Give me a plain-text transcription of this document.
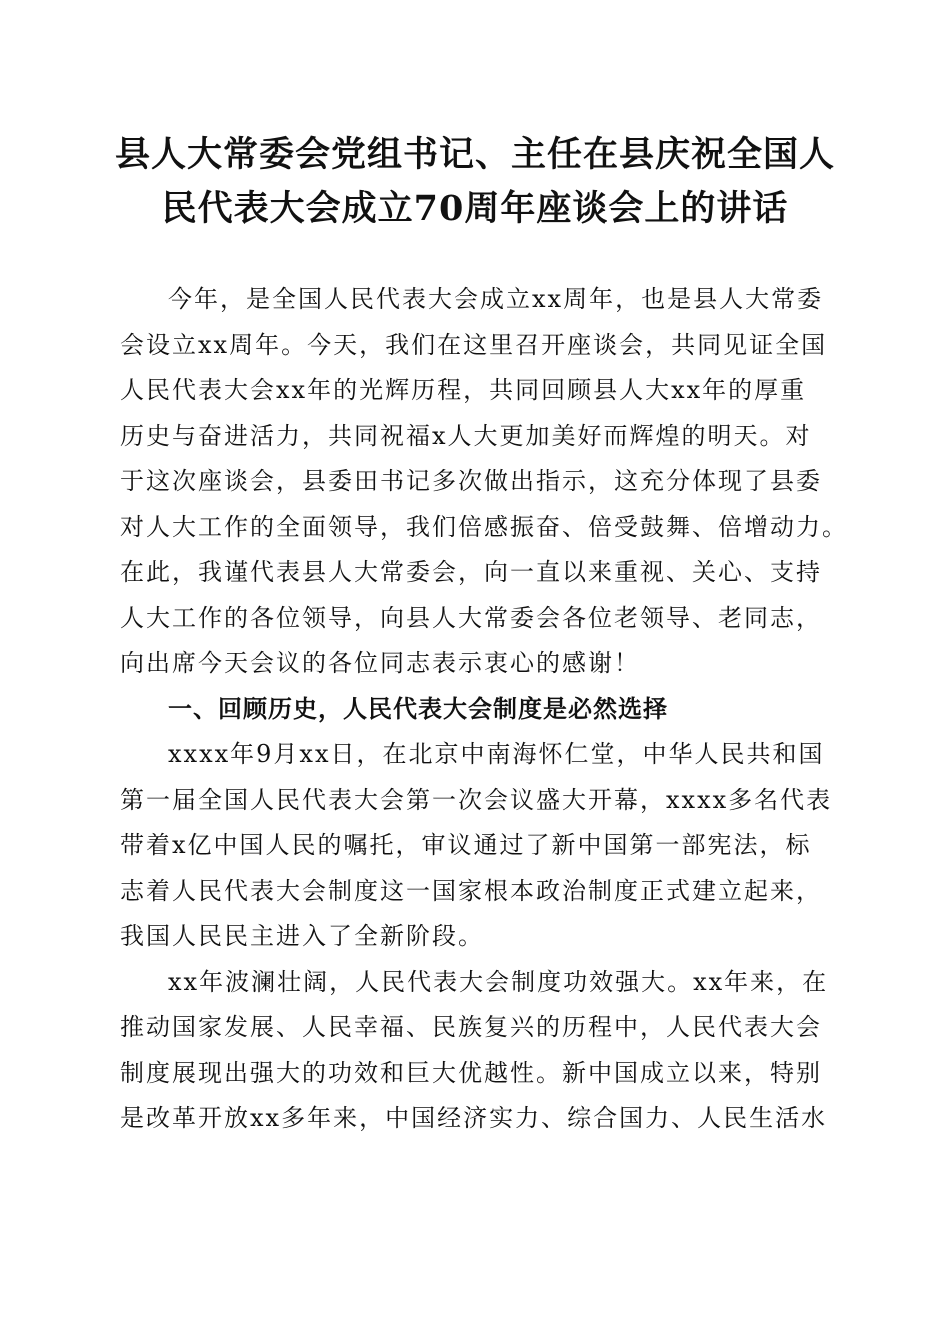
县人大常委会党组书记、主任在县庆祝全国人
民代表大会成立70周年座谈会上的讲话
今年，是全国人民代表大会成立xx周年，也是县人大常委
会设立xx周年。今天，我们在这里召开座谈会，共同见证全国
人民代表大会xx年的光辉历程，共同回顾县人大xx年的厚重
历史与奋进活力，共同祝福x人大更加美好而辉煌的明天。对
于这次座谈会，县委田书记多次做出指示，这充分体现了县委
对人大工作的全面领导，我们倍感振奋、倍受鼓舞、倍增动力。
在此，我谨代表县人大常委会，向一直以来重视、关心、支持
人大工作的各位领导，向县人大常委会各位老领导、老同志，
向出席今天会议的各位同志表示衷心的感谢！
一、回顾历史，人民代表大会制度是必然选择
xxxx年9月xx日，在北京中南海怀仁堂，中华人民共和国
第一届全国人民代表大会第一次会议盛大开幕，xxxx多名代表
带着x亿中国人民的嘱托，审议通过了新中国第一部宪法，标
志着人民代表大会制度这一国家根本政治制度正式建立起来，
我国人民民主进入了全新阶段。
xx年波澜壮阔，人民代表大会制度功效强大。xx年来，在
推动国家发展、人民幸福、民族复兴的历程中，人民代表大会
制度展现出强大的功效和巨大优越性。新中国成立以来，特别
是改革开放xx多年来，中国经济实力、综合国力、人民生活水
